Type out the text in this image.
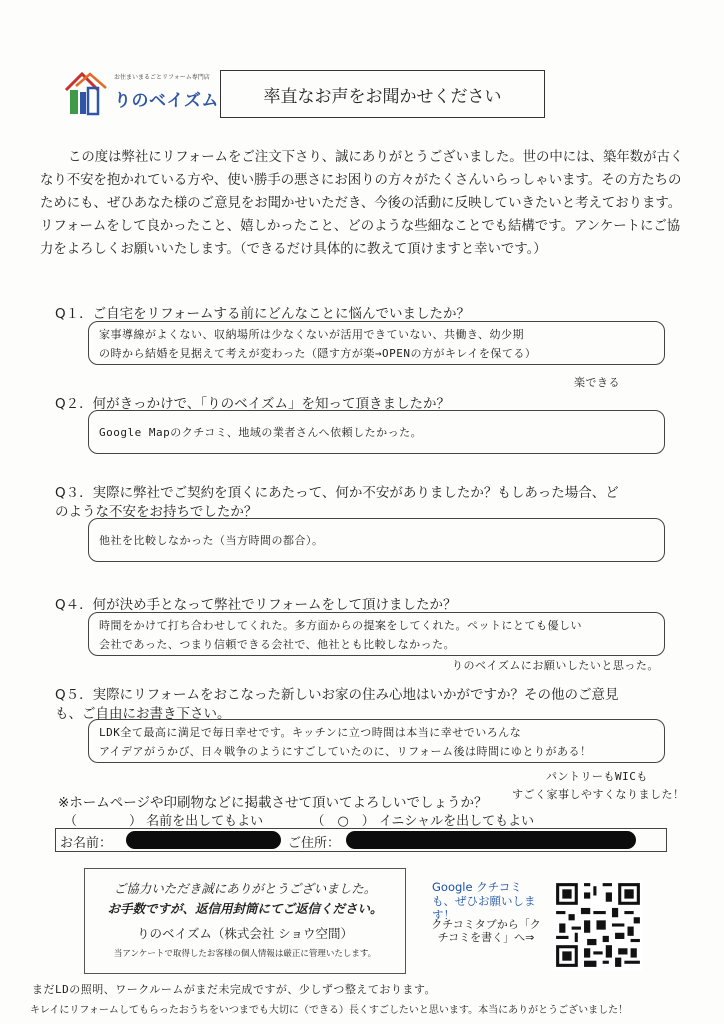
お住まいまるごとリフォーム専門店
りのベイズム	率直なお声をお聞かせください
この度は弊社にリフォームをご注文下さり、誠にありがとうございました。世の中には、築年数が古くなり不安を抱かれている方や、使い勝手の悪さにお困りの方々がたくさんいらっしゃいます。その方たちのためにも、ぜひあなた様のご意見をお聞かせいただき、今後の活動に反映していきたいと考えております。リフォームをして良かったこと、嬉しかったこと、どのような些細なことでも結構です。アンケートにご協力をよろしくお願いいたします。（できるだけ具体的に教えて頂けますと幸いです。）
Q１．ご自宅をリフォームする前にどんなことに悩んでいましたか？
家事導線がよくない、収納場所は少なくないが活用できていない、共働き、幼少期
の時から結婚を見据えて考えが変わった（隠す方が楽→OPENの方がキレイを保てる）
楽できる
Q２．何がきっかけで、「りのベイズム」を知って頂きましたか？
Google Mapのクチコミ、地域の業者さんへ依頼したかった。
Q３．実際に弊社でご契約を頂くにあたって、何か不安がありましたか？もしあった場合、ど
のような不安をお持ちでしたか？
他社を比較しなかった（当方時間の都合）。
Q４．何が決め手となって弊社でリフォームをして頂けましたか？
時間をかけて打ち合わせしてくれた。多方面からの提案をしてくれた。ペットにとても優しい
会社であった、つまり信頼できる会社で、他社とも比較しなかった。
りのベイズムにお願いしたいと思った。
Q５．実際にリフォームをおこなった新しいお家の住み心地はいかがですか？その他のご意見
も、ご自由にお書き下さい。
LDK全て最高に満足で毎日幸せです。キッチンに立つ時間は本当に幸せでいろんな
アイデアがうかび、日々戦争のようにすごしていたのに、リフォーム後は時間にゆとりがある！
パントリーもWICも
すごく家事しやすくなりました！
※ホームページや印刷物などに掲載させて頂いてよろしいでしょうか？
（　　　　） 名前を出してもよい	（　○　） イニシャルを出してもよい
お名前：	ご住所：
ご協力いただき誠にありがとうございました。
お手数ですが、返信用封筒にてご返信ください。
りのベイズム（株式会社 ショウ空間）
当アンケートで取得したお客様の個人情報は厳正に管理いたします。
Google クチコミも、ぜひお願いします！
クチコミタブから「クチコミを書く」へ⇒
まだLDの照明、ワークルームがまだ未完成ですが、少しずつ整えております。
キレイにリフォームしてもらったおうちをいつまでも大切に（できる）長くすごしたいと思います。本当にありがとうございました！
